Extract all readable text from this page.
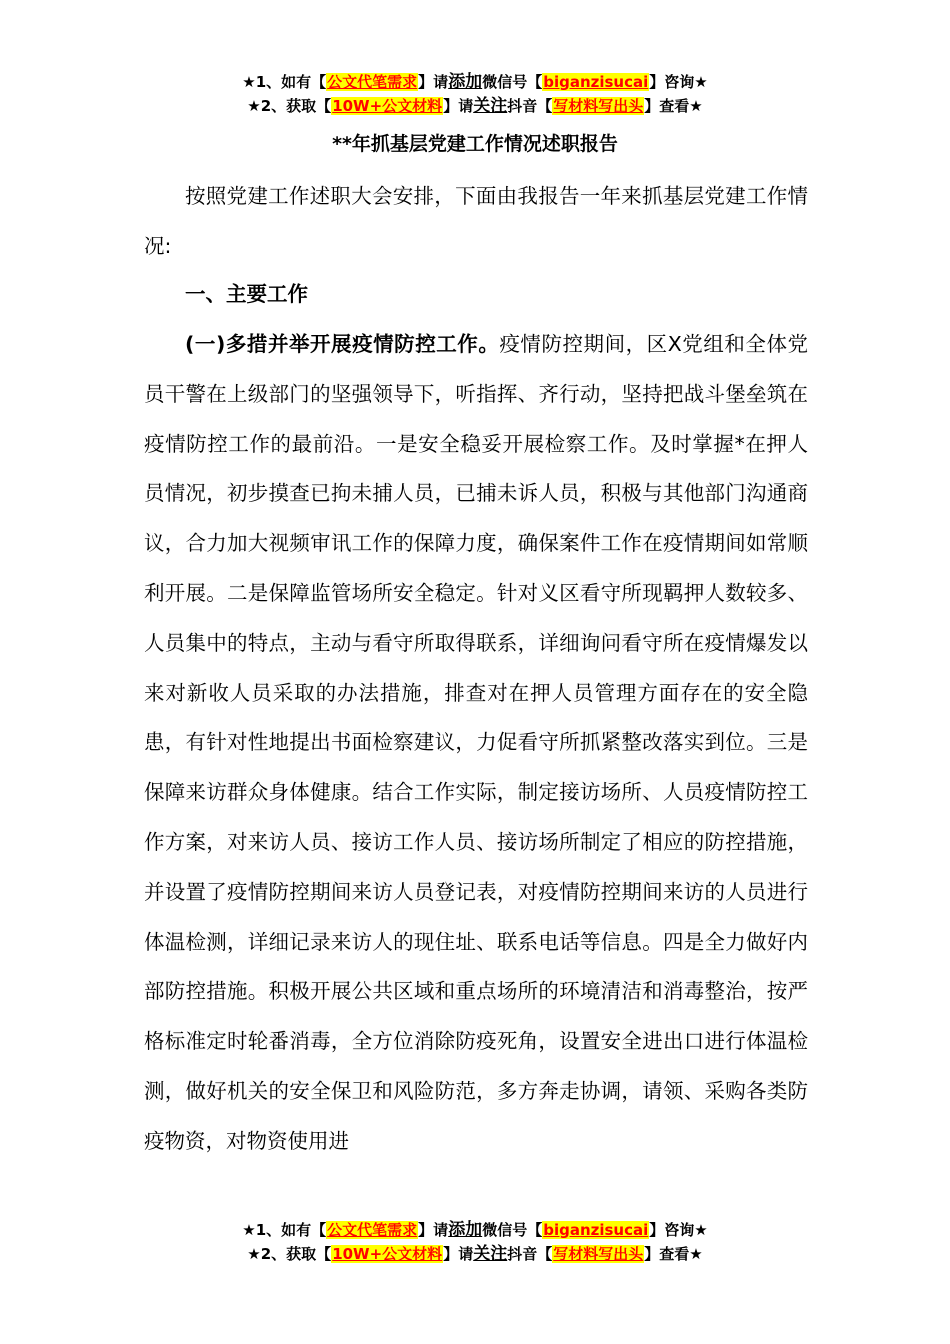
★1、如有【公文代笔需求】请添加微信号【biganzisucai】咨询★
★2、获取【10W+公文材料】请关注抖音【写材料写出头】查看★
**年抓基层党建工作情况述职报告

按照党建工作述职大会安排，下面由我报告一年来抓基层党建工作情况:

一、主要工作

(一)多措并举开展疫情防控工作。疫情防控期间，区X党组和全体党员干警在上级部门的坚强领导下，听指挥、齐行动，坚持把战斗堡垒筑在疫情防控工作的最前沿。一是安全稳妥开展检察工作。及时掌握*在押人员情况，初步摸查已拘未捕人员，已捕未诉人员，积极与其他部门沟通商议，合力加大视频审讯工作的保障力度，确保案件工作在疫情期间如常顺利开展。二是保障监管场所安全稳定。针对义区看守所现羁押人数较多、人员集中的特点，主动与看守所取得联系，详细询问看守所在疫情爆发以来对新收人员采取的办法措施，排查对在押人员管理方面存在的安全隐患，有针对性地提出书面检察建议，力促看守所抓紧整改落实到位。三是保障来访群众身体健康。结合工作实际，制定接访场所、人员疫情防控工作方案，对来访人员、接访工作人员、接访场所制定了相应的防控措施，并设置了疫情防控期间来访人员登记表，对疫情防控期间来访的人员进行体温检测，详细记录来访人的现住址、联系电话等信息。四是全力做好内部防控措施。积极开展公共区域和重点场所的环境清洁和消毒整治，按严格标准定时轮番消毒，全方位消除防疫死角，设置安全进出口进行体温检测，做好机关的安全保卫和风险防范，多方奔走协调，请领、采购各类防疫物资，对物资使用进

★1、如有【公文代笔需求】请添加微信号【biganzisucai】咨询★
★2、获取【10W+公文材料】请关注抖音【写材料写出头】查看★
